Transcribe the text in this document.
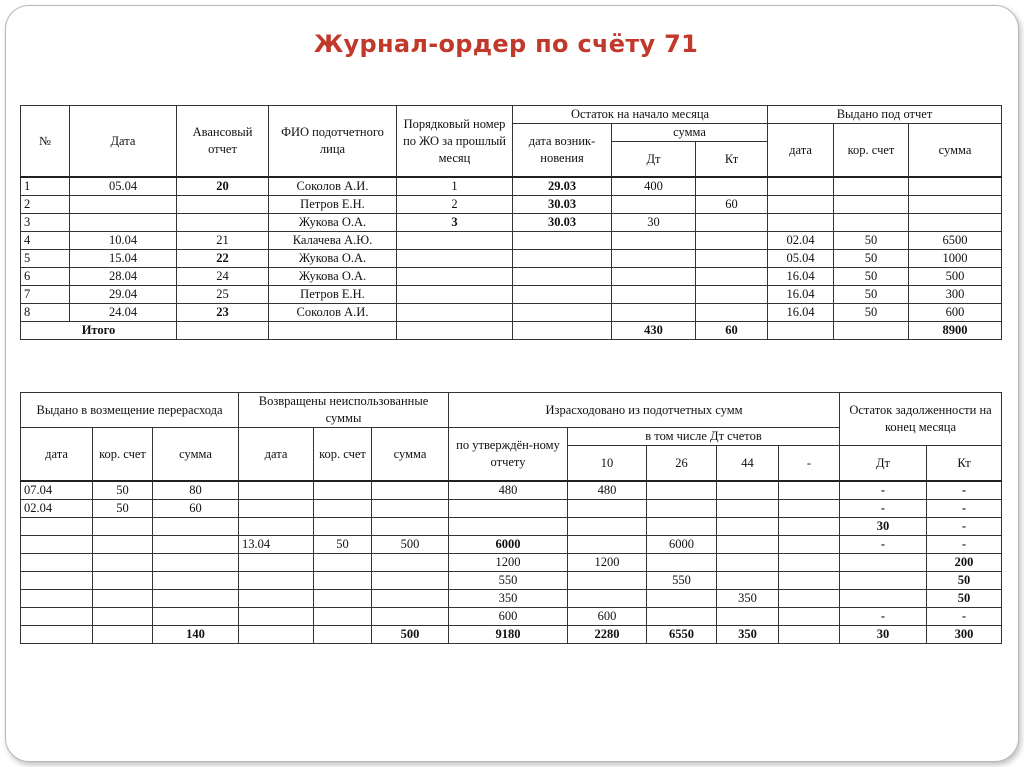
Журнал-ордер по счёту 71
№	Дата	Авансовый отчет	ФИО подотчетного лица	Порядковый номер по ЖО за прошлый месяц	Остаток на начало месяца			Выдано под отчет		
					дата возник-новения	сумма		дата	кор. счет	сумма
						Дт	Кт			
1	05.04	20	Соколов А.И.	1	29.03	400				
2			Петров Е.Н.	2	30.03		60			
3			Жукова О.А.	3	30.03	30				
4	10.04	21	Калачева А.Ю.					02.04	50	6500
5	15.04	22	Жукова О.А.					05.04	50	1000
6	28.04	24	Жукова О.А.					16.04	50	500
7	29.04	25	Петров Е.Н.					16.04	50	300
8	24.04	23	Соколов А.И.					16.04	50	600
Итого						430	60			8900
Выдано в возмещение перерасхода			Возвращены неиспользованные суммы			Израсходовано из подотчетных сумм					Остаток задолженности на конец месяца	
дата	кор. счет	сумма	дата	кор. счет	сумма	по утверждён-ному отчету	в том числе Дт счетов					
							10	26	44	-	Дт	Кт
07.04	50	80				480	480				-	-
02.04	50	60									-	-
											30	-
			13.04	50	500	6000		6000			-	-
						1200	1200					200
						550		550				50
						350			350			50
						600	600				-	-
		140			500	9180	2280	6550	350		30	300
